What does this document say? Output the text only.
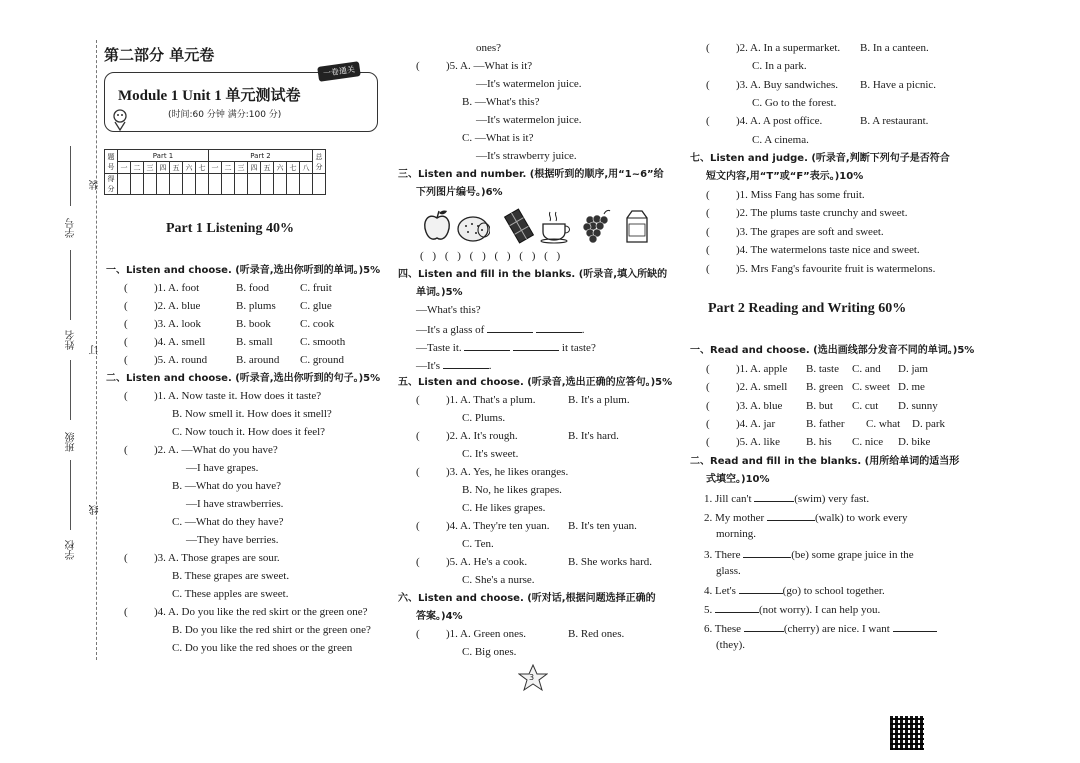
学号
姓名
班级
学校
装
订
线
第二部分 单元卷
一卷通关
Module 1 Unit 1 单元测试卷
(时间:60 分钟 满分:100 分)
题号	Part 1							Part 2								总分
	一	二	三	四	五	六	七	一	二	三	四	五	六	七	八	
得分																
Part 1 Listening 40%
一、Listen and choose. (听录音,选出你听到的单词。)5%
( )1. A. foot	B. food	C. fruit
( )2. A. blue	B. plums C. glue
( )3. A. look	B. book	C. cook
( )4. A. smell	B. small C. smooth
( )5. A. round	B. around C. ground
二、Listen and choose. (听录音,选出你听到的句子。)5%
( )1. A. Now taste it. How does it taste?
B. Now smell it. How does it smell?
C. Now touch it. How does it feel?
( )2. A. —What do you have?
—I have grapes.
B. —What do you have?
—I have strawberries.
C. —What do they have?
—They have berries.
( )3. A. Those grapes are sour.
B. These grapes are sweet.
C. These apples are sweet.
( )4. A. Do you like the red skirt or the green one?
B. Do you like the red shirt or the green one?
C. Do you like the red shoes or the green
ones?
( )5. A. —What is it?
—It's watermelon juice.
B. —What's this?
—It's watermelon juice.
C. —What is it?
—It's strawberry juice.
三、Listen and number. (根据听到的顺序,用“1~6”给
下列图片编号。)6%
( ) ( ) ( ) ( ) ( ) ( )
四、Listen and fill in the blanks. (听录音,填入所缺的
单词。)5%
—What's this?
—It's a glass of	.
—Taste it.	it taste?
—It's	.
五、Listen and choose. (听录音,选出正确的应答句。)5%
( )1. A. That's a plum.	B. It's a plum.
C. Plums.
( )2. A. It's rough.	B. It's hard.
C. It's sweet.
( )3. A. Yes, he likes oranges.
B. No, he likes grapes.
C. He likes grapes.
( )4. A. They're ten yuan. B. It's ten yuan.
C. Ten.
( )5. A. He's a cook.	B. She works hard.
C. She's a nurse.
六、Listen and choose. (听对话,根据问题选择正确的
答案。)4%
( )1. A. Green ones.	B. Red ones.
C. Big ones.
3
( )2. A. In a supermarket. B. In a canteen.
C. In a park.
( )3. A. Buy sandwiches. B. Have a picnic.
C. Go to the forest.
( )4. A. A post office.	B. A restaurant.
C. A cinema.
七、Listen and judge. (听录音,判断下列句子是否符合
短文内容,用“T”或“F”表示。)10%
( )1. Miss Fang has some fruit.
( )2. The plums taste crunchy and sweet.
( )3. The grapes are soft and sweet.
( )4. The watermelons taste nice and sweet.
( )5. Mrs Fang's favourite fruit is watermelons.
Part 2 Reading and Writing 60%
一、Read and choose. (选出画线部分发音不同的单词。)5%
( )1. A. apple B. taste C. and D. jam
( )2. A. smell B. green C. sweet D. me
( )3. A. blue B. but C. cut D. sunny
( )4. A. jar	B. father C. what D. park
( )5. A. like B. his C. nice D. bike
二、Read and fill in the blanks. (用所给单词的适当形
式填空。)10%
1. Jill can't	(swim) very fast.
2. My mother	(walk) to work every
morning.
3. There	(be) some grape juice in the
glass.
4. Let's	(go) to school together.
5.	(not worry). I can help you.
6. These	(cherry) are nice. I want
(they).
